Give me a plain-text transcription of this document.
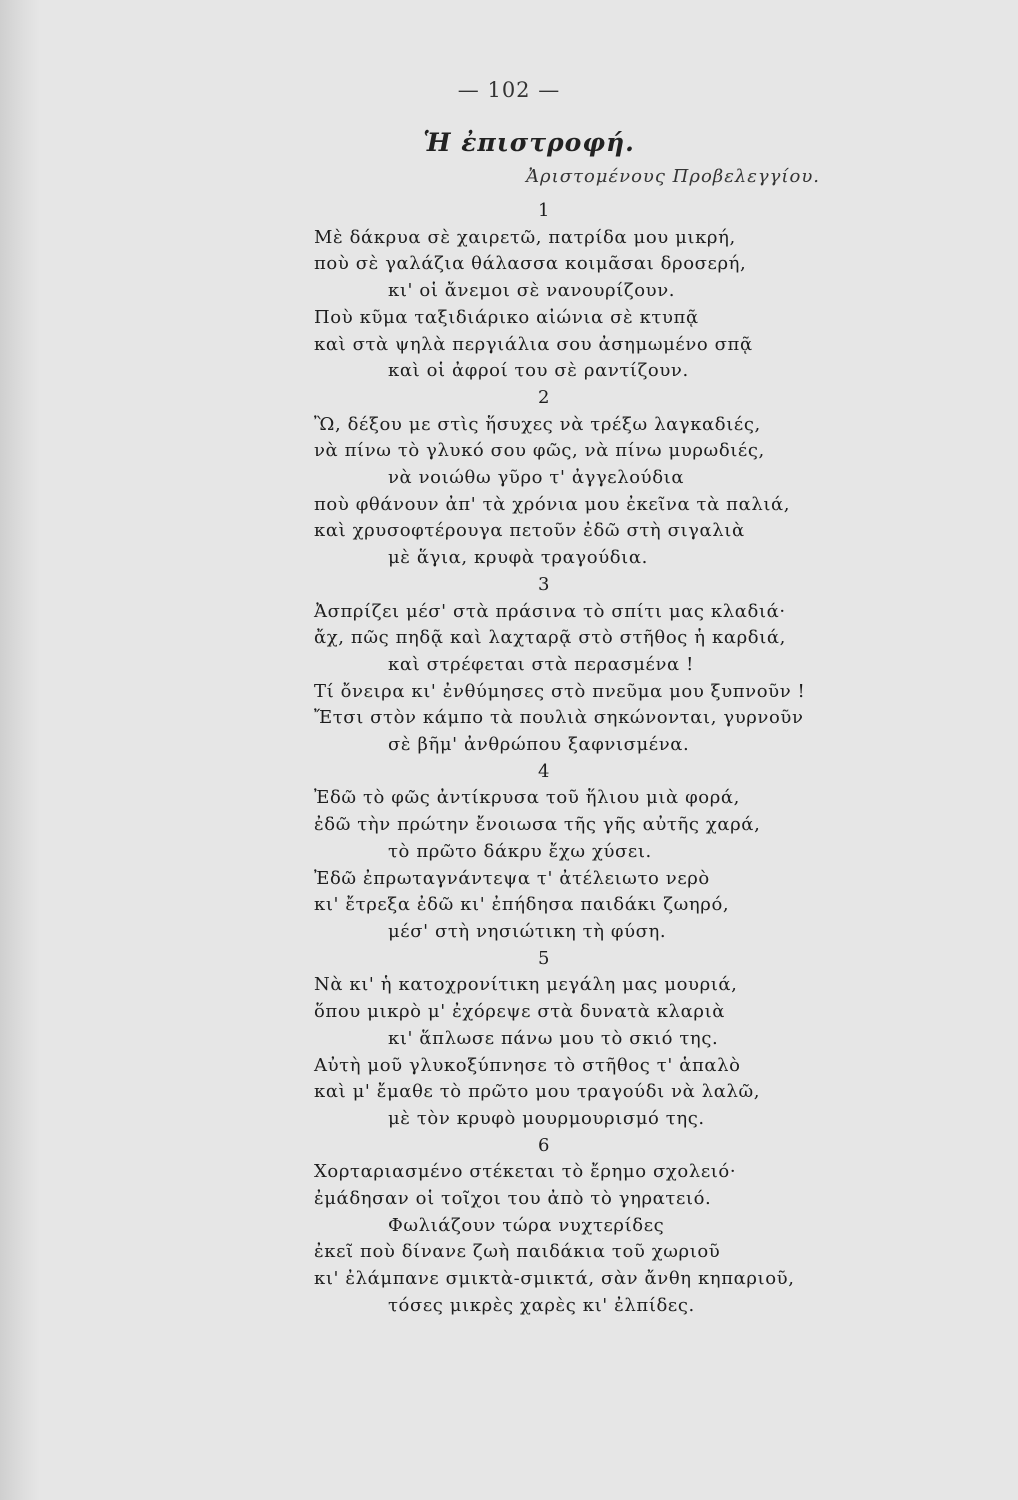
— 102 —
Ἡ ἐπιστροφή.
Ἀριστομένους Προβελεγγίου.
1
Μὲ δάκρυα σὲ χαιρετῶ, πατρίδα μου μικρή,
ποὺ σὲ γαλάζια θάλασσα κοιμᾶσαι δροσερή,
κι' οἱ ἄνεμοι σὲ νανουρίζουν.
Ποὺ κῦμα ταξιδιάρικο αἰώνια σὲ κτυπᾷ
καὶ στὰ ψηλὰ περγιάλια σου ἀσημωμένο σπᾷ
καὶ οἱ ἀφροί του σὲ ραντίζουν.
2
Ὢ, δέξου με στὶς ἥσυχες νὰ τρέξω λαγκαδιές,
νὰ πίνω τὸ γλυκό σου φῶς, νὰ πίνω μυρωδιές,
νὰ νοιώθω γῦρο τ' ἀγγελούδια
ποὺ φθάνουν ἀπ' τὰ χρόνια μου ἐκεῖνα τὰ παλιά,
καὶ χρυσοφτέρουγα πετοῦν ἐδῶ στὴ σιγαλιὰ
μὲ ἅγια, κρυφὰ τραγούδια.
3
Ἀσπρίζει μέσ' στὰ πράσινα τὸ σπίτι μας κλαδιά·
ἄχ, πῶς πηδᾷ καὶ λαχταρᾷ στὸ στῆθος ἡ καρδιά,
καὶ στρέφεται στὰ περασμένα !
Τί ὄνειρα κι' ἐνθύμησες στὸ πνεῦμα μου ξυπνοῦν !
Ἔτσι στὸν κάμπο τὰ πουλιὰ σηκώνονται, γυρνοῦν
σὲ βῆμ' ἀνθρώπου ξαφνισμένα.
4
Ἐδῶ τὸ φῶς ἀντίκρυσα τοῦ ἥλιου μιὰ φορά,
ἐδῶ τὴν πρώτην ἔνοιωσα τῆς γῆς αὐτῆς χαρά,
τὸ πρῶτο δάκρυ ἔχω χύσει.
Ἐδῶ ἐπρωταγνάντεψα τ' ἀτέλειωτο νερὸ
κι' ἔτρεξα ἐδῶ κι' ἐπήδησα παιδάκι ζωηρό,
μέσ' στὴ νησιώτικη τὴ φύση.
5
Νὰ κι' ἡ κατοχρονίτικη μεγάλη μας μουριά,
ὅπου μικρὸ μ' ἐχόρεψε στὰ δυνατὰ κλαριὰ
κι' ἅπλωσε πάνω μου τὸ σκιό της.
Αὐτὴ μοῦ γλυκοξύπνησε τὸ στῆθος τ' ἁπαλὸ
καὶ μ' ἔμαθε τὸ πρῶτο μου τραγούδι νὰ λαλῶ,
μὲ τὸν κρυφὸ μουρμουρισμό της.
6
Χορταριασμένο στέκεται τὸ ἔρημο σχολειό·
ἐμάδησαν οἱ τοῖχοι του ἀπὸ τὸ γηρατειό.
Φωλιάζουν τώρα νυχτερίδες
ἐκεῖ ποὺ δίνανε ζωὴ παιδάκια τοῦ χωριοῦ
κι' ἐλάμπανε σμικτὰ-σμικτά, σὰν ἄνθη κηπαριοῦ,
τόσες μικρὲς χαρὲς κι' ἐλπίδες.
